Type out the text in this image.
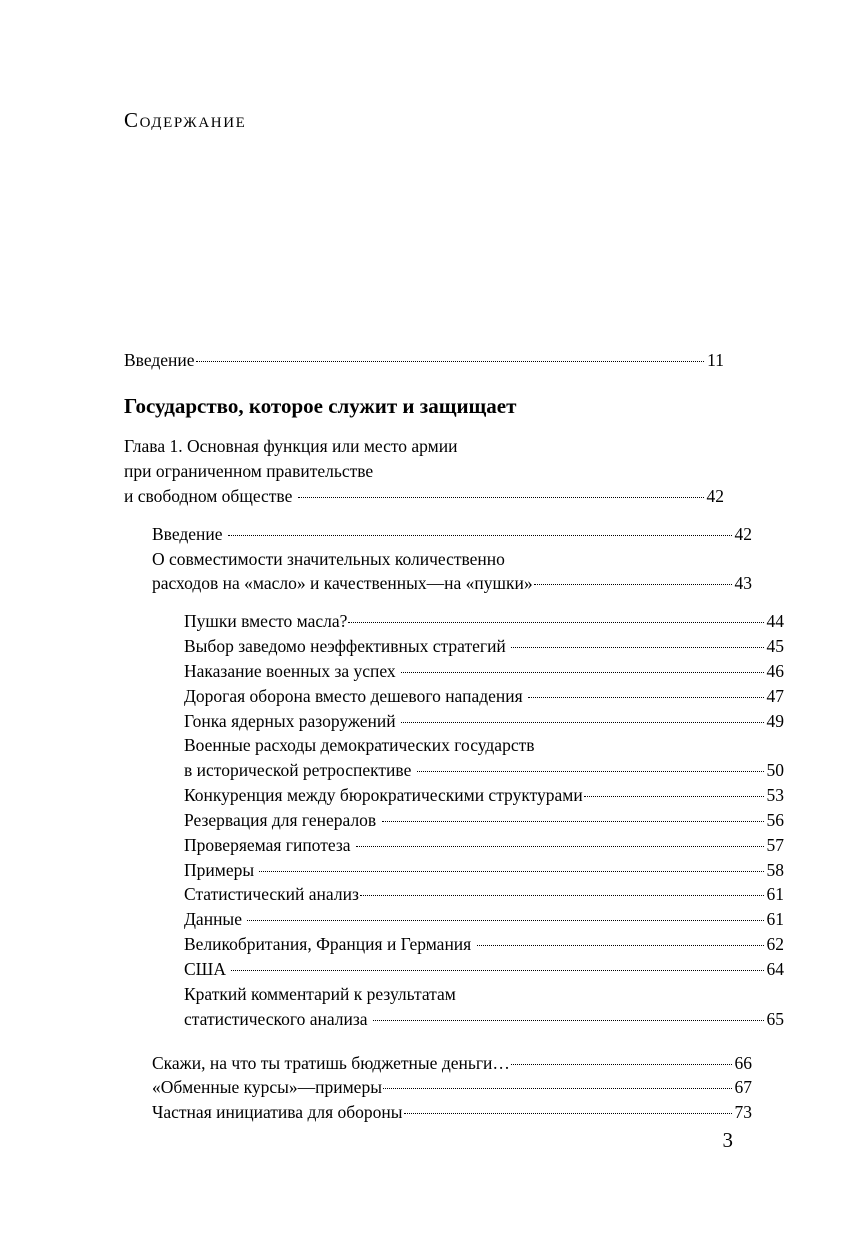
Содержание
Введение	11
Государство, которое служит и защищает
Глава 1. Основная функция или место армии
при ограниченном правительстве
и свободном обществе	42
Введение	42
О совместимости значительных количественно
расходов на «масло» и качественных—на «пушки»	43
Пушки вместо масла?	44
Выбор заведомо неэффективных стратегий	45
Наказание военных за успех	46
Дорогая оборона вместо дешевого нападения	47
Гонка ядерных разоружений	49
Военные расходы демократических государств
в исторической ретроспективе	50
Конкуренция между бюрократическими структурами	53
Резервация для генералов	56
Проверяемая гипотеза	57
Примеры	58
Статистический анализ	61
Данные	61
Великобритания, Франция и Германия	62
США	64
Краткий комментарий к результатам
статистического анализа	65
Скажи, на что ты тратишь бюджетные деньги…	66
«Обменные курсы»—примеры	67
Частная инициатива для обороны	73
3
